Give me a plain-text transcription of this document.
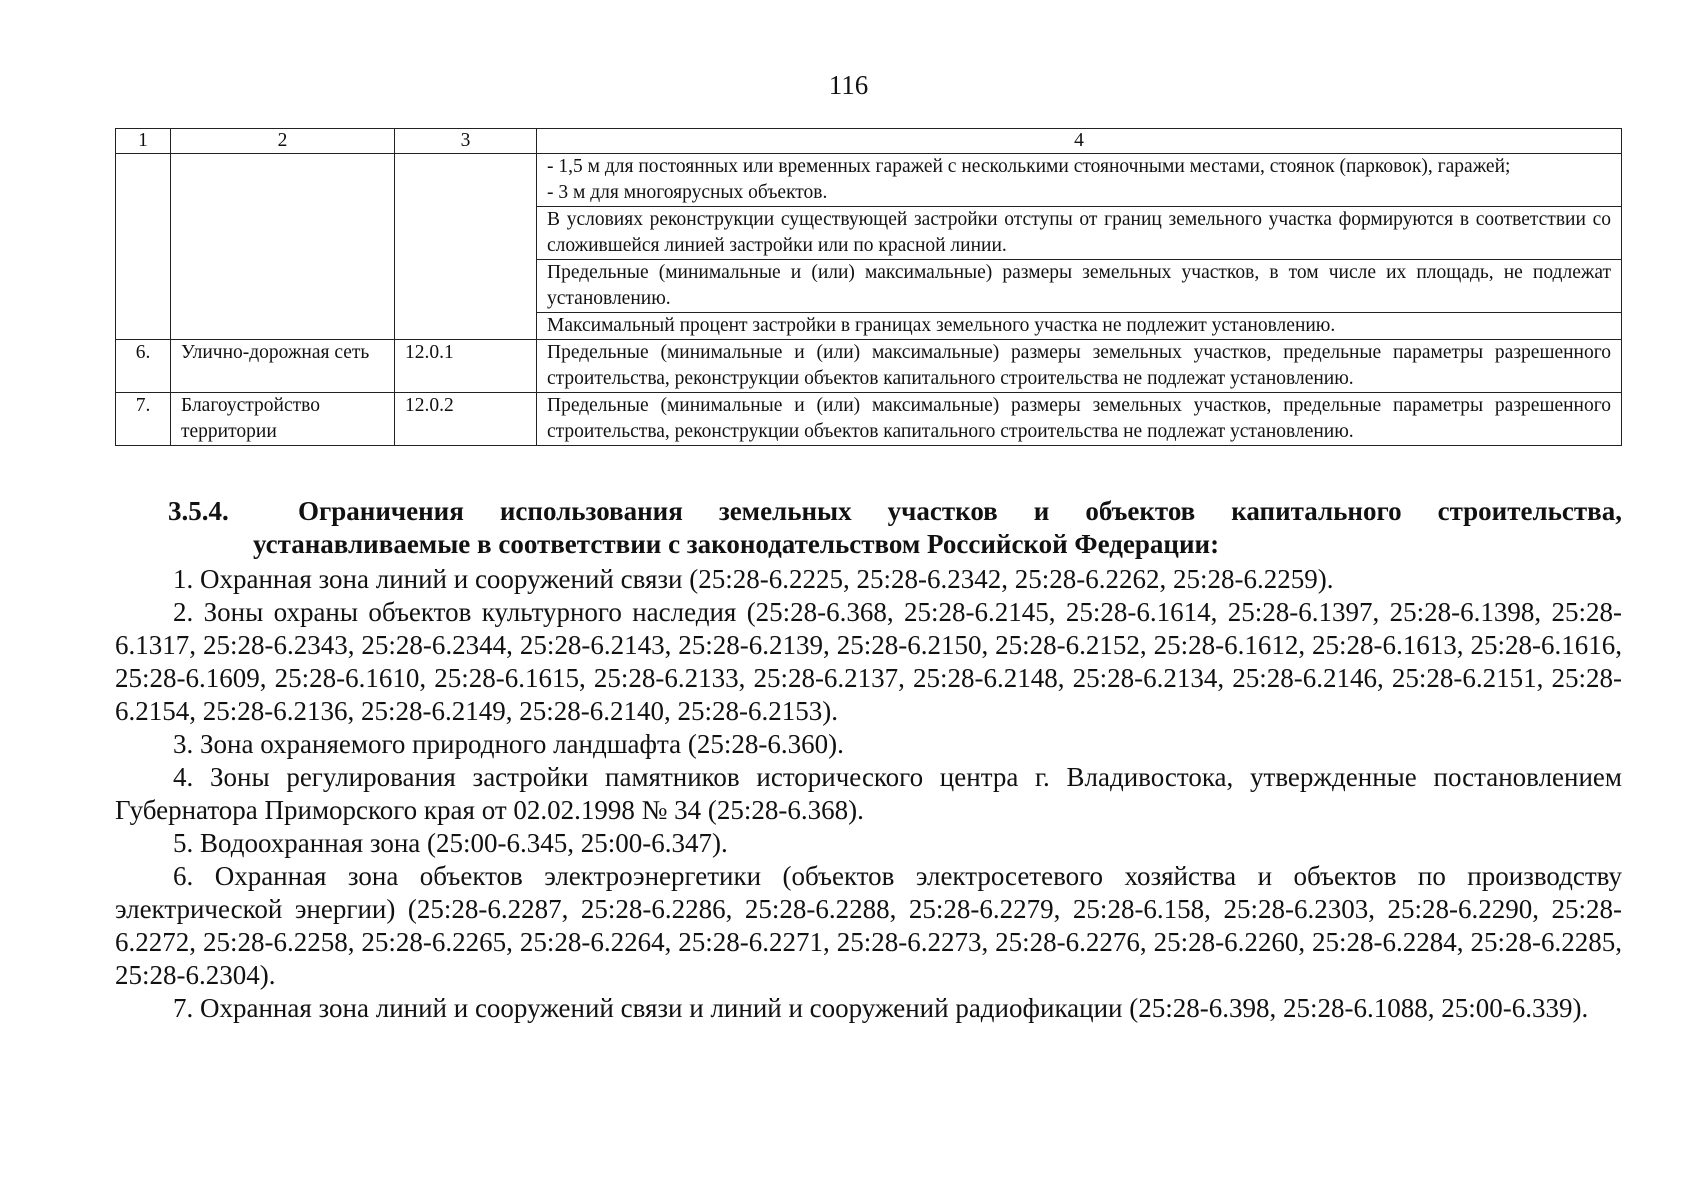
116
1	2	3	4

			- 1,5 м для постоянных или временных гаражей с несколькими стояночными местами, стоянок (парковок), гаражей;
- 3 м для многоярусных объектов.

			В условиях реконструкции существующей застройки отступы от границ земельного участка формируются в соответствии со сложившейся линией застройки или по красной линии.
			Предельные (минимальные и (или) максимальные) размеры земельных участков, в том числе их площадь, не подлежат установлению.
			Максимальный процент застройки в границах земельного участка не подлежит установлению.
6.	Улично-дорожная сеть	12.0.1	Предельные (минимальные и (или) максимальные) размеры земельных участков, предельные параметры разрешенного строительства, реконструкции объектов капитального строительства не подлежат установлению.
7.	Благоустройство территории	12.0.2	Предельные (минимальные и (или) максимальные) размеры земельных участков, предельные параметры разрешенного строительства, реконструкции объектов капитального строительства не подлежат установлению.

3.5.4.	Ограничения использования земельных участков и объектов капитального строительства, устанавливаемые в соответствии с законодательством Российской Федерации:

1. Охранная зона линий и сооружений связи (25:28-6.2225, 25:28-6.2342, 25:28-6.2262, 25:28-6.2259).

2. Зоны охраны объектов культурного наследия (25:28-6.368, 25:28-6.2145, 25:28-6.1614, 25:28-6.1397, 25:28-6.1398, 25:28-6.1317, 25:28-6.2343, 25:28-6.2344, 25:28-6.2143, 25:28-6.2139, 25:28-6.2150, 25:28-6.2152, 25:28-6.1612, 25:28-6.1613, 25:28-6.1616, 25:28-6.1609, 25:28-6.1610, 25:28-6.1615, 25:28-6.2133, 25:28-6.2137, 25:28-6.2148, 25:28-6.2134, 25:28-6.2146, 25:28-6.2151, 25:28-6.2154, 25:28-6.2136, 25:28-6.2149, 25:28-6.2140, 25:28-6.2153).

3. Зона охраняемого природного ландшафта (25:28-6.360).

4. Зоны регулирования застройки памятников исторического центра г. Владивостока, утвержденные постановлением Губернатора Приморского края от 02.02.1998 № 34 (25:28-6.368).

5. Водоохранная зона (25:00-6.345, 25:00-6.347).

6. Охранная зона объектов электроэнергетики (объектов электросетевого хозяйства и объектов по производству электрической энергии) (25:28-6.2287, 25:28-6.2286, 25:28-6.2288, 25:28-6.2279, 25:28-6.158, 25:28-6.2303, 25:28-6.2290, 25:28-6.2272, 25:28-6.2258, 25:28-6.2265, 25:28-6.2264, 25:28-6.2271, 25:28-6.2273, 25:28-6.2276, 25:28-6.2260, 25:28-6.2284, 25:28-6.2285, 25:28-6.2304).

7. Охранная зона линий и сооружений связи и линий и сооружений радиофикации (25:28-6.398, 25:28-6.1088, 25:00-6.339).
